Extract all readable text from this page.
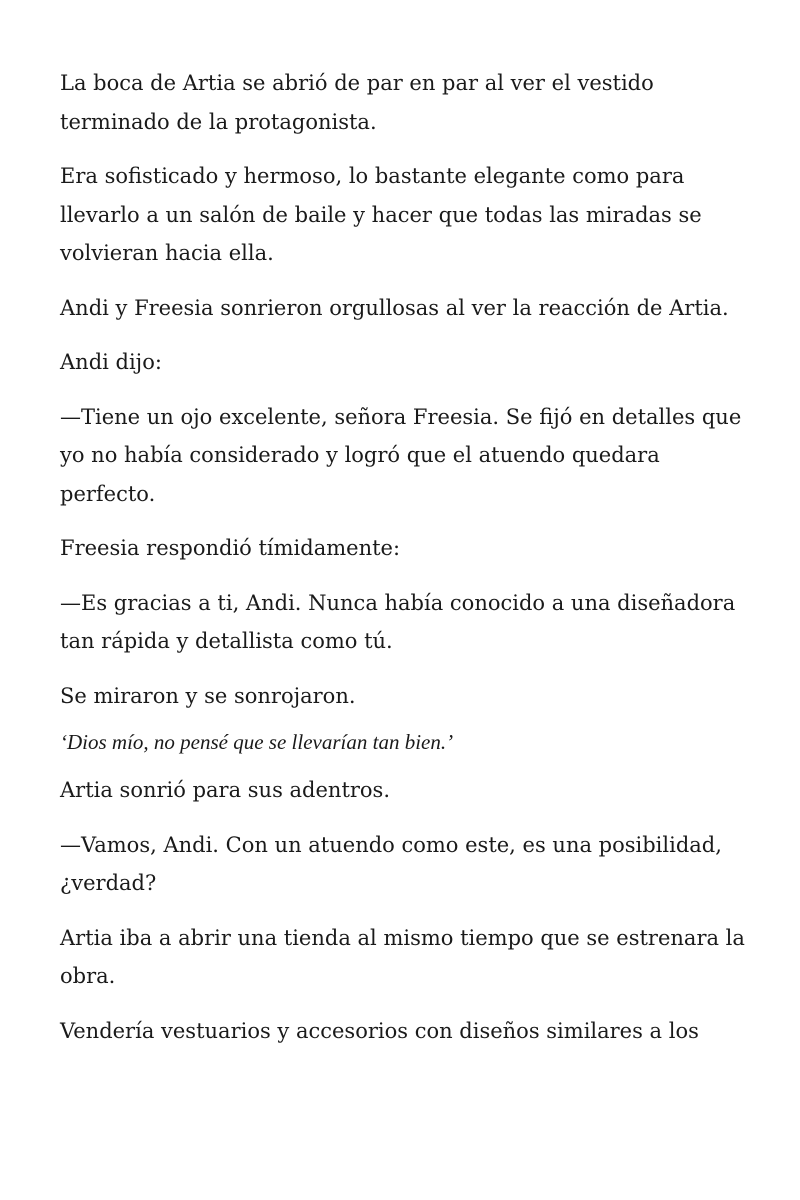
La boca de Artia se abrió de par en par al ver el vestido terminado de la protagonista.

Era sofisticado y hermoso, lo bastante elegante como para llevarlo a un salón de baile y hacer que todas las miradas se volvieran hacia ella.

Andi y Freesia sonrieron orgullosas al ver la reacción de Artia.

Andi dijo:

—Tiene un ojo excelente, señora Freesia. Se fijó en detalles que yo no había considerado y logró que el atuendo quedara perfecto.

Freesia respondió tímidamente:

—Es gracias a ti, Andi. Nunca había conocido a una diseñadora tan rápida y detallista como tú.

Se miraron y se sonrojaron.

‘Dios mío, no pensé que se llevarían tan bien.’

Artia sonrió para sus adentros.

—Vamos, Andi. Con un atuendo como este, es una posibilidad, ¿verdad?

Artia iba a abrir una tienda al mismo tiempo que se estrenara la obra.

Vendería vestuarios y accesorios con diseños similares a los
